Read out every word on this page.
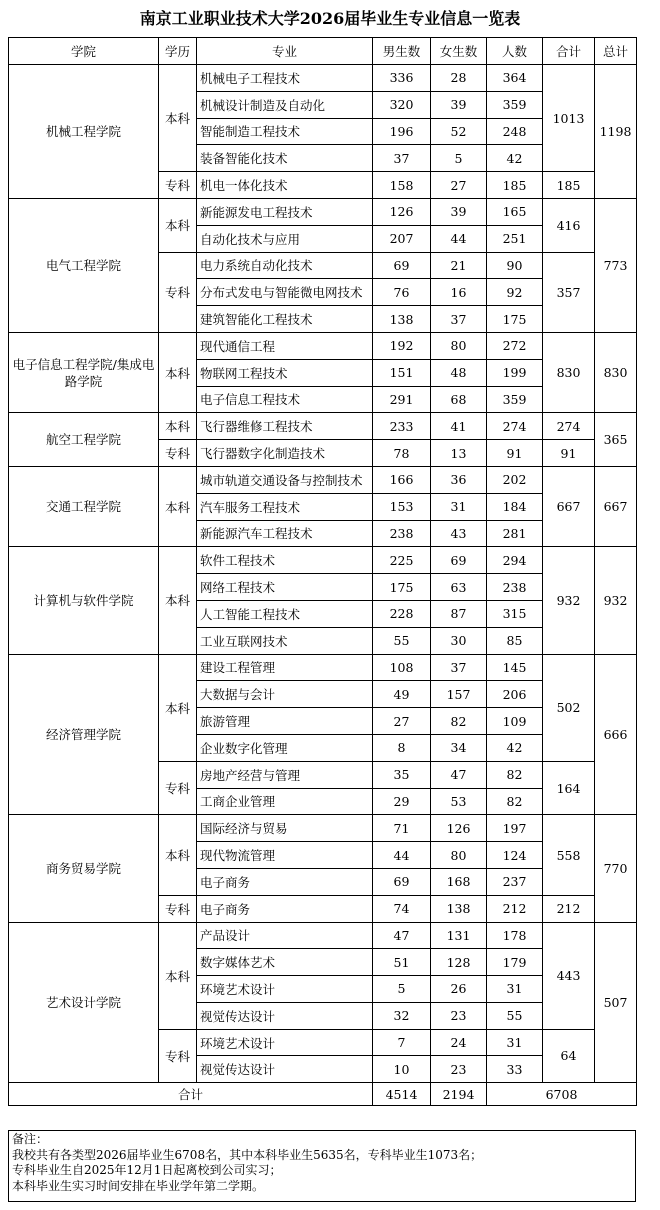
南京工业职业技术大学2026届毕业生专业信息一览表
学院	学历	专业	男生数	女生数	人数	合计	总计
机械工程学院	本科	机械电子工程技术	336	28	364	1013	1198
		机械设计制造及自动化	320	39	359		
		智能制造工程技术	196	52	248		
		装备智能化技术	37	5	42		
	专科	机电一体化技术	158	27	185	185	
电气工程学院	本科	新能源发电工程技术	126	39	165	416	773
		自动化技术与应用	207	44	251		
	专科	电力系统自动化技术	69	21	90	357	
		分布式发电与智能微电网技术	76	16	92		
		建筑智能化工程技术	138	37	175		
电子信息工程学院/集成电路学院	本科	现代通信工程	192	80	272	830	830
		物联网工程技术	151	48	199		
		电子信息工程技术	291	68	359		
航空工程学院	本科	飞行器维修工程技术	233	41	274	274	365
	专科	飞行器数字化制造技术	78	13	91	91	
交通工程学院	本科	城市轨道交通设备与控制技术	166	36	202	667	667
		汽车服务工程技术	153	31	184		
		新能源汽车工程技术	238	43	281		
计算机与软件学院	本科	软件工程技术	225	69	294	932	932
		网络工程技术	175	63	238		
		人工智能工程技术	228	87	315		
		工业互联网技术	55	30	85		
经济管理学院	本科	建设工程管理	108	37	145	502	666
		大数据与会计	49	157	206		
		旅游管理	27	82	109		
		企业数字化管理	8	34	42		
	专科	房地产经营与管理	35	47	82	164	
		工商企业管理	29	53	82		
商务贸易学院	本科	国际经济与贸易	71	126	197	558	770
		现代物流管理	44	80	124		
		电子商务	69	168	237		
	专科	电子商务	74	138	212	212	
艺术设计学院	本科	产品设计	47	131	178	443	507
		数字媒体艺术	51	128	179		
		环境艺术设计	5	26	31		
		视觉传达设计	32	23	55		
	专科	环境艺术设计	7	24	31	64	
		视觉传达设计	10	23	33		
合计			4514	2194	6708		
备注：
我校共有各类型2026届毕业生6708名，其中本科毕业生5635名，专科毕业生1073名；
专科毕业生自2025年12月1日起离校到公司实习；
本科毕业生实习时间安排在毕业学年第二学期。
